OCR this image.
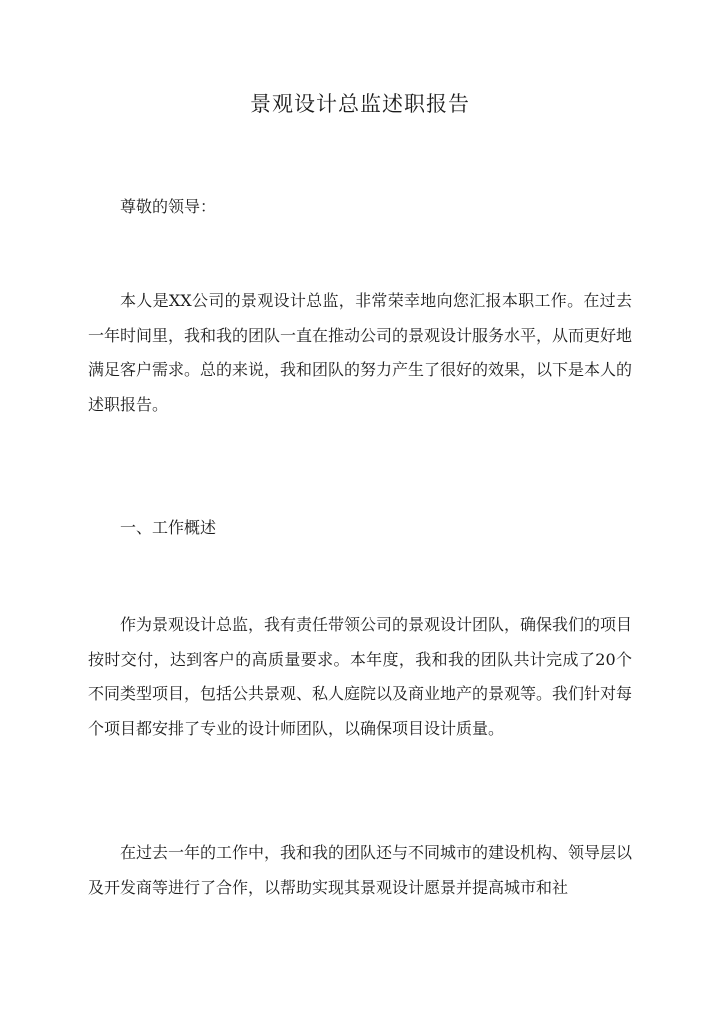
景观设计总监述职报告
尊敬的领导：
本人是XX公司的景观设计总监，非常荣幸地向您汇报本职工作。在过去一年时间里，我和我的团队一直在推动公司的景观设计服务水平，从而更好地满足客户需求。总的来说，我和团队的努力产生了很好的效果，以下是本人的述职报告。
一、工作概述
作为景观设计总监，我有责任带领公司的景观设计团队，确保我们的项目按时交付，达到客户的高质量要求。本年度，我和我的团队共计完成了20个不同类型项目，包括公共景观、私人庭院以及商业地产的景观等。我们针对每个项目都安排了专业的设计师团队，以确保项目设计质量。
在过去一年的工作中，我和我的团队还与不同城市的建设机构、领导层以及开发商等进行了合作，以帮助实现其景观设计愿景并提高城市和社
